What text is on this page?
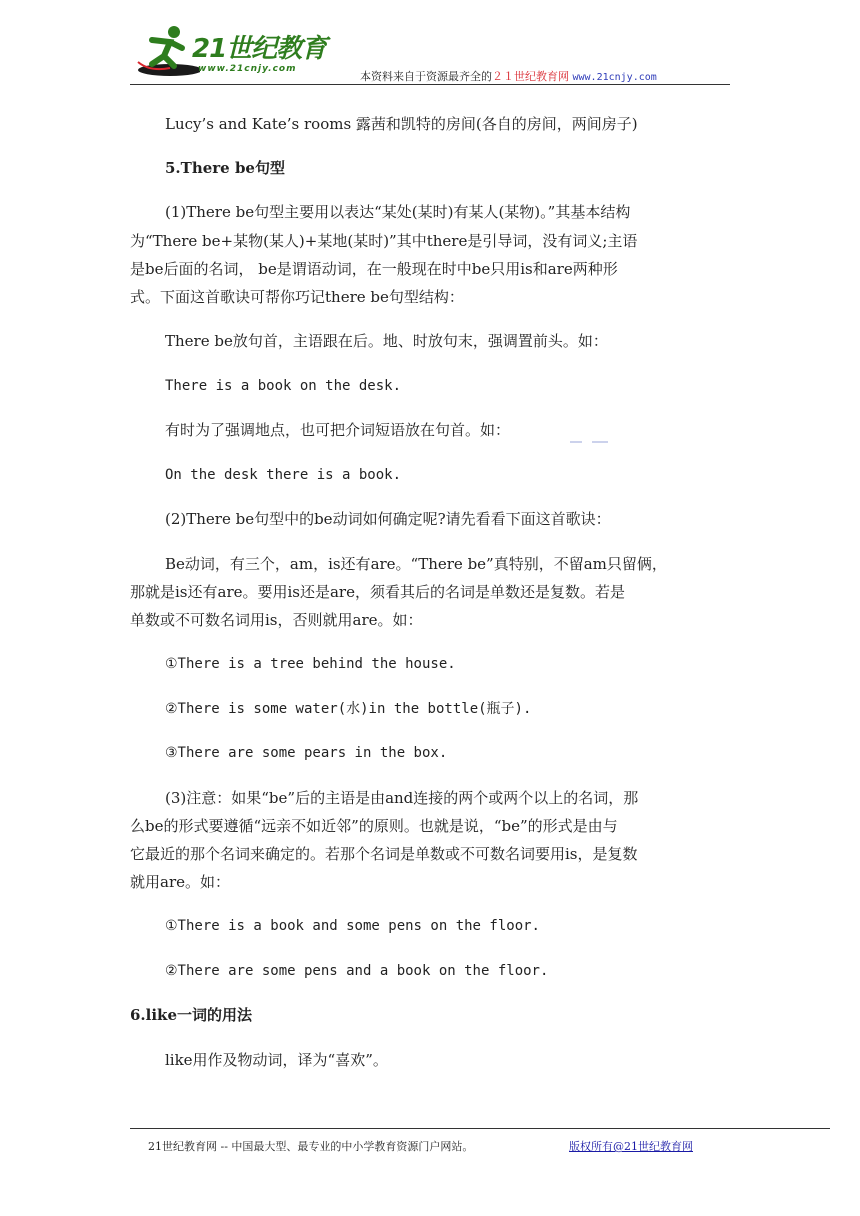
21世纪教育
www.21cnjy.com
本资料来自于资源最齐全的２１世纪教育网 www.21cnjy.com
Lucy’s and Kate’s rooms 露茜和凯特的房间(各自的房间，两间房子)
5.There be句型
(1)There be句型主要用以表达“某处(某时)有某人(某物)。”其基本结构
为“There be+某物(某人)+某地(某时)”其中there是引导词，没有词义;主语
是be后面的名词， be是谓语动词，在一般现在时中be只用is和are两种形
式。下面这首歌诀可帮你巧记there be句型结构：
There be放句首，主语跟在后。地、时放句末，强调置前头。如：
There is a book on the desk.
有时为了强调地点，也可把介词短语放在句首。如：
On the desk there is a book.
(2)There be句型中的be动词如何确定呢?请先看看下面这首歌诀：
Be动词，有三个，am，is还有are。“There be”真特别，不留am只留俩，
那就是is还有are。要用is还是are，须看其后的名词是单数还是复数。若是
单数或不可数名词用is，否则就用are。如：
①There is a tree behind the house.
②There is some water(水)in the bottle(瓶子).
③There are some pears in the box.
(3)注意：如果“be”后的主语是由and连接的两个或两个以上的名词，那
么be的形式要遵循“远亲不如近邻”的原则。也就是说，“be”的形式是由与
它最近的那个名词来确定的。若那个名词是单数或不可数名词要用is，是复数
就用are。如：
①There is a book and some pens on the floor.
②There are some pens and a book on the floor.
6.like一词的用法
like用作及物动词，译为“喜欢”。
21世纪教育网 -- 中国最大型、最专业的中小学教育资源门户网站。	版权所有@21世纪教育网
